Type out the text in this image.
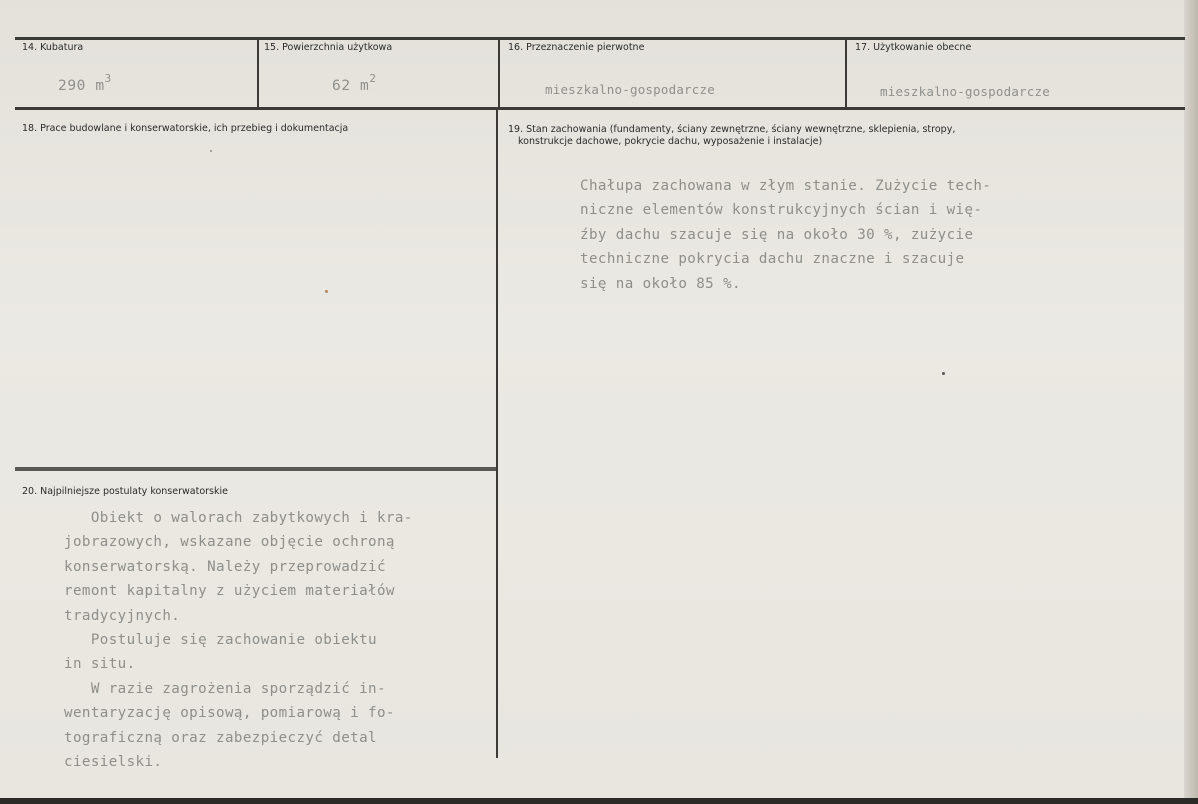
14. Kubatura
290 $m^3$
15. Powierzchnia użytkowa
62 $m^2$
16. Przeznaczenie pierwotne
mieszkalno-gospodarcze
17. Użytkowanie obecne
mieszkalno-gospodarcze
18. Prace budowlane i konserwatorskie, ich przebieg i dokumentacja	19. Stan zachowania (fundamenty, ściany zewnętrzne, ściany wewnętrzne, sklepienia, stropy,
konstrukcje dachowe, pokrycie dachu, wyposażenie i instalacje)
Chałupa zachowana w złym stanie. Zużycie tech-
niczne elementów konstrukcyjnych ścian i wię-
źby dachu szacuje się na około 30 %, zużycie
techniczne pokrycia dachu znaczne i szacuje
się na około 85 %.
20. Najpilniejsze postulaty konserwatorskie
Obiekt o walorach zabytkowych i kra-
jobrazowych, wskazane objęcie ochroną
konserwatorską. Należy przeprowadzić
remont kapitalny z użyciem materiałów
tradycyjnych.
Postuluje się zachowanie obiektu
in situ.
W razie zagrożenia sporządzić in-
wentaryzację opisową, pomiarową i fo-
tograficzną oraz zabezpieczyć detal
ciesielski.
